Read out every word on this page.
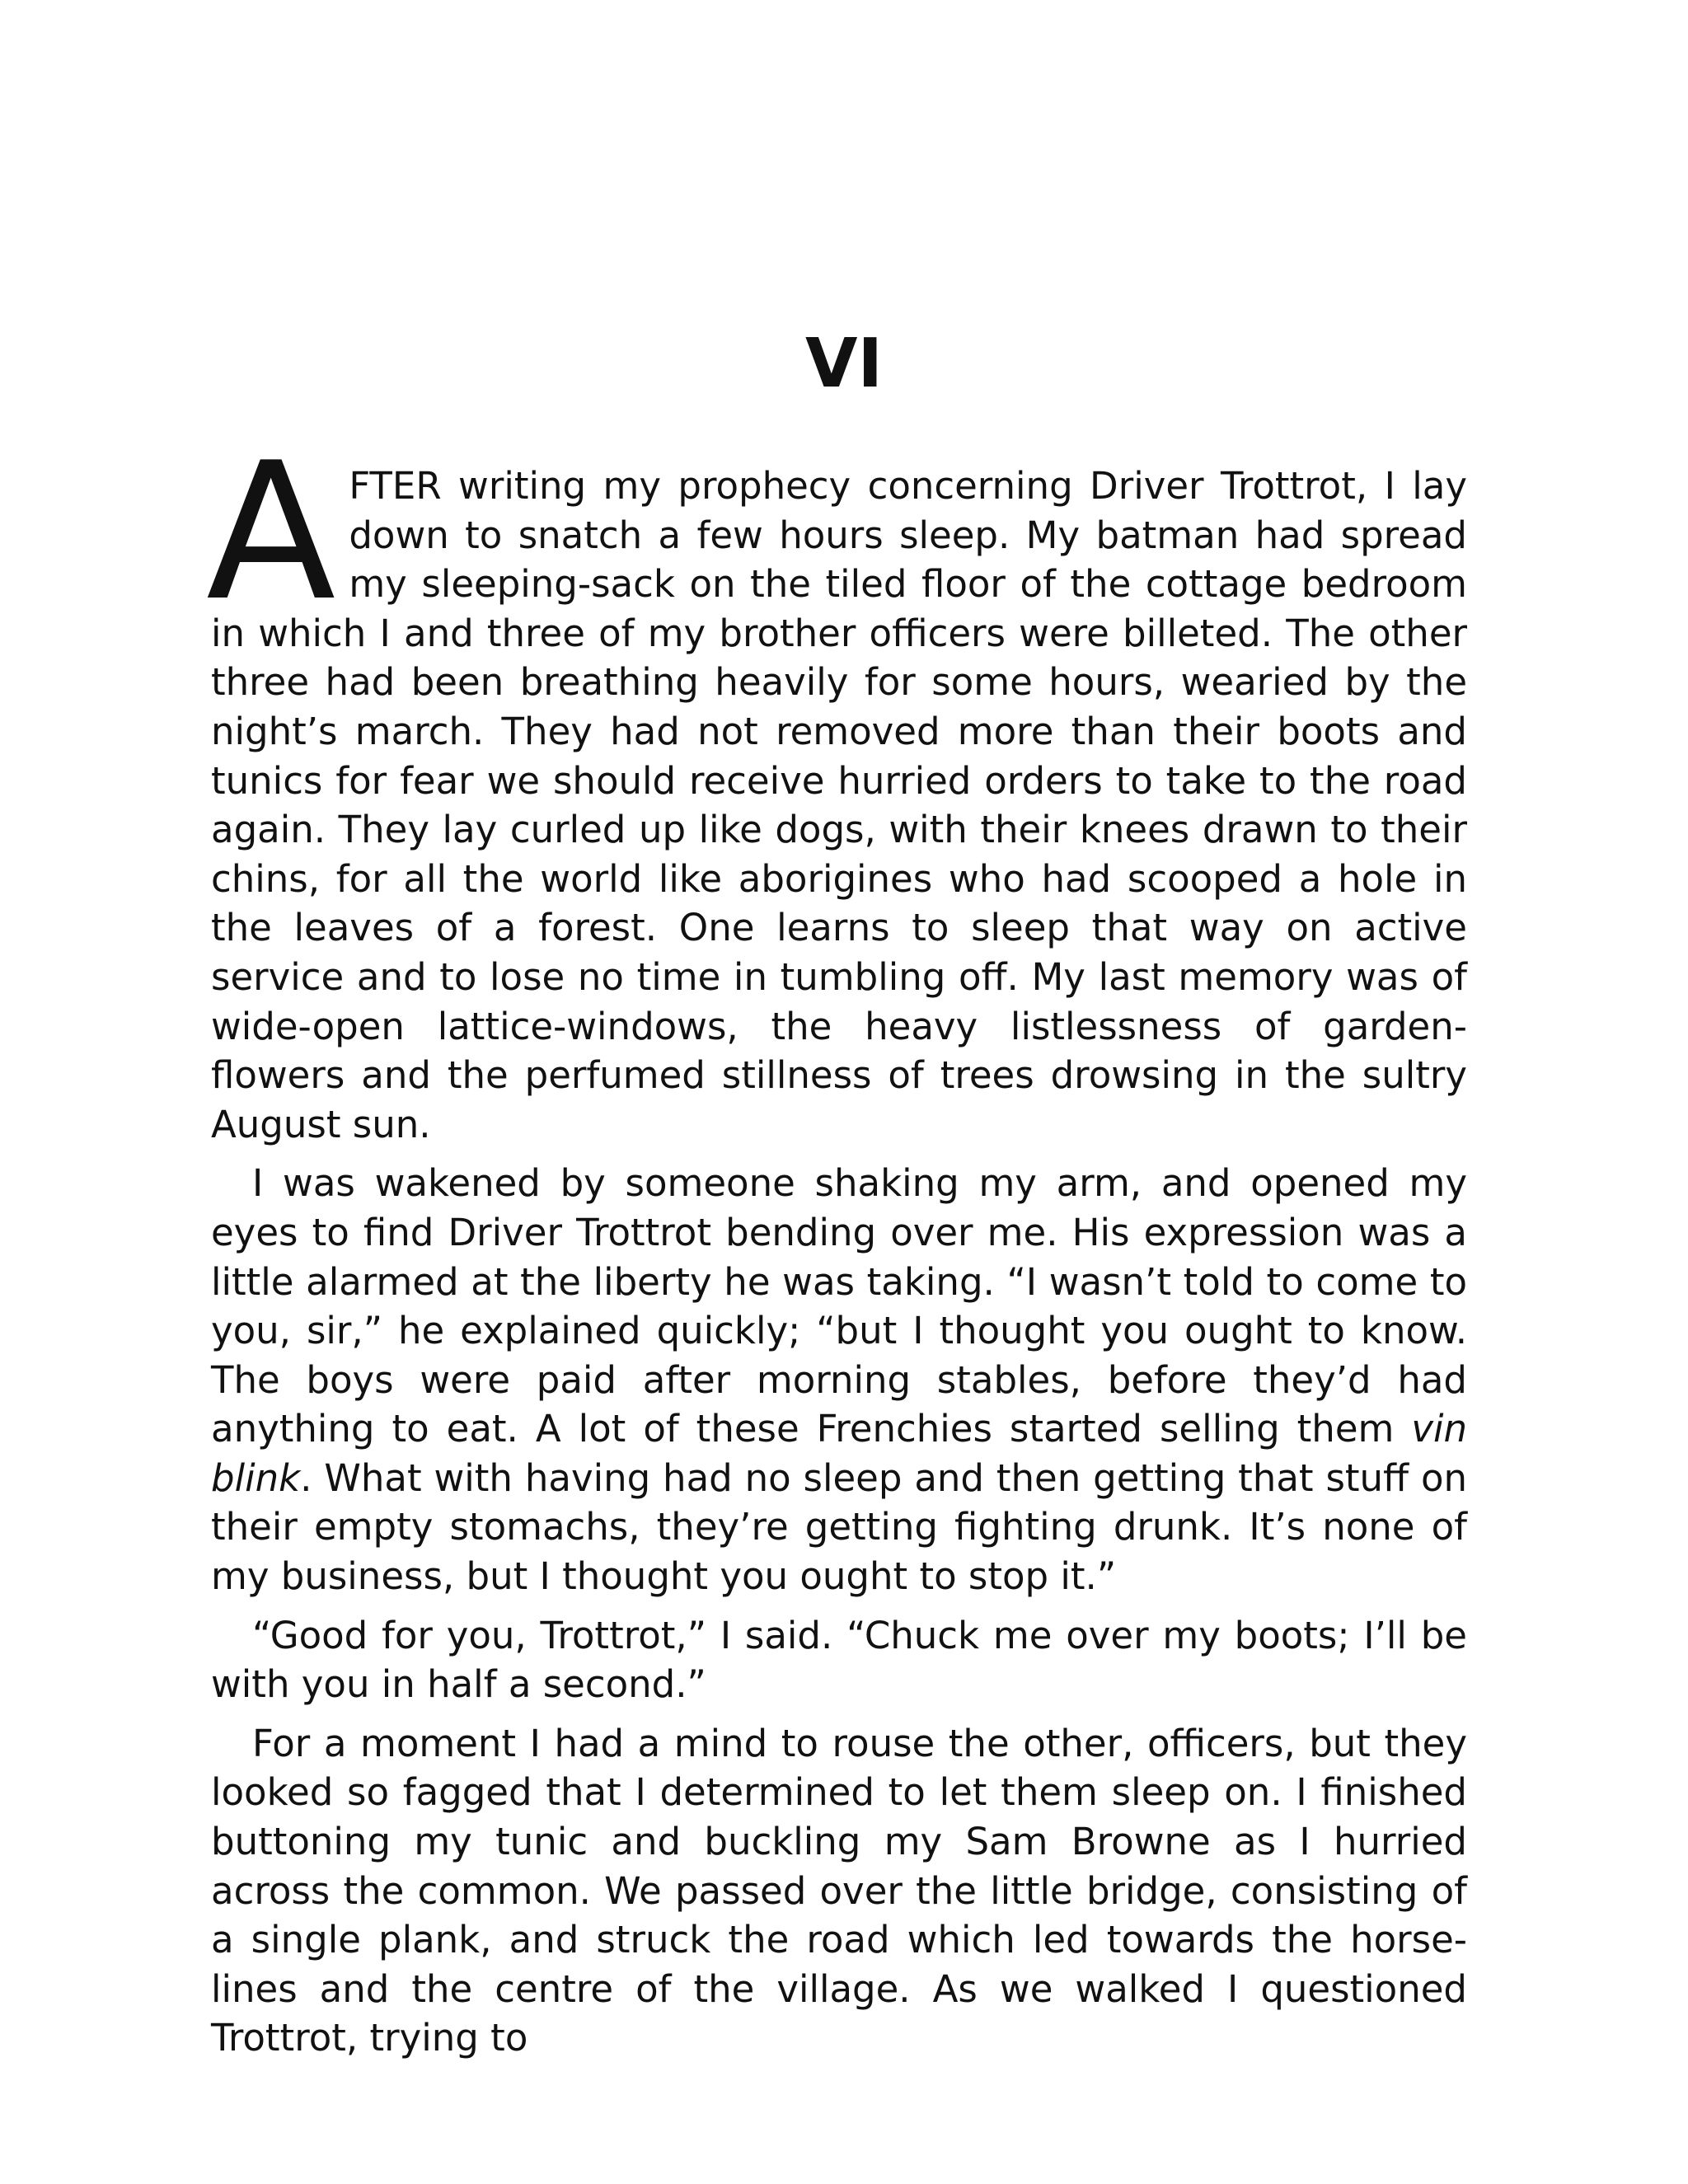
VI

AFTER writing my prophecy concerning Driver Trottrot, I lay down to snatch a few hours sleep. My batman had spread my sleeping-sack on the tiled floor of the cottage bedroom in which I and three of my brother officers were billeted. The other three had been breathing heavily for some hours, wearied by the night’s march. They had not removed more than their boots and tunics for fear we should receive hurried orders to take to the road again. They lay curled up like dogs, with their knees drawn to their chins, for all the world like aborigines who had scooped a hole in the leaves of a forest. One learns to sleep that way on active service and to lose no time in tumbling off. My last memory was of wide-open lattice-windows, the heavy listlessness of garden-flowers and the perfumed stillness of trees drowsing in the sultry August sun.

I was wakened by someone shaking my arm, and opened my eyes to find Driver Trottrot bending over me. His expression was a little alarmed at the liberty he was taking. “I wasn’t told to come to you, sir,” he explained quickly; “but I thought you ought to know. The boys were paid after morning stables, before they’d had anything to eat. A lot of these Frenchies started selling them vin blink. What with having had no sleep and then getting that stuff on their empty stomachs, they’re getting fighting drunk. It’s none of my business, but I thought you ought to stop it.”

“Good for you, Trottrot,” I said. “Chuck me over my boots; I’ll be with you in half a second.”

For a moment I had a mind to rouse the other, officers, but they looked so fagged that I determined to let them sleep on. I finished buttoning my tunic and buckling my Sam Browne as I hurried across the common. We passed over the little bridge, consisting of a single plank, and struck the road which led towards the horse-lines and the centre of the village. As we walked I questioned Trottrot, trying to
